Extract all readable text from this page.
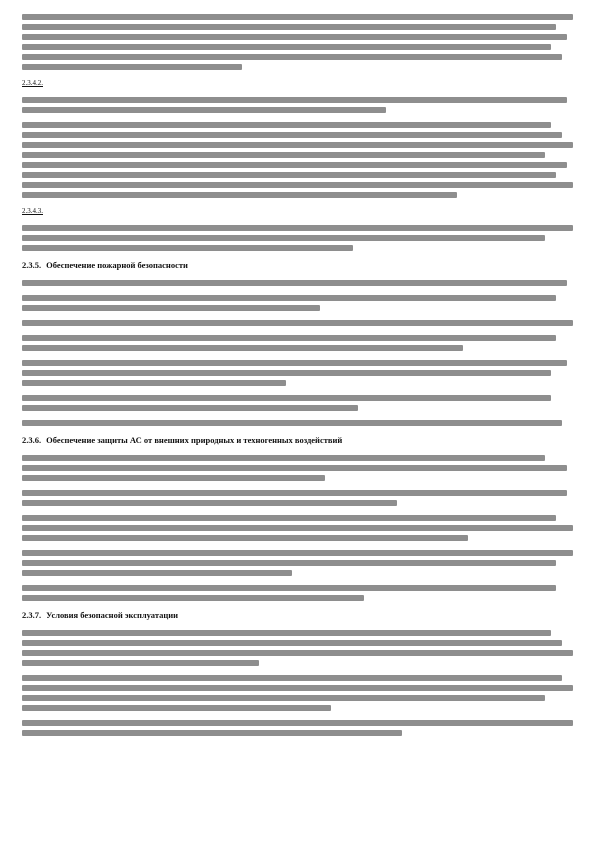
2.3.4.2.
2.3.4.3.
2.3.5. Обеспечение пожарной безопасности
2.3.6. Обеспечение защиты АС от внешних природных и техногенных воздействий
2.3.7. Условия безопасной эксплуатации
